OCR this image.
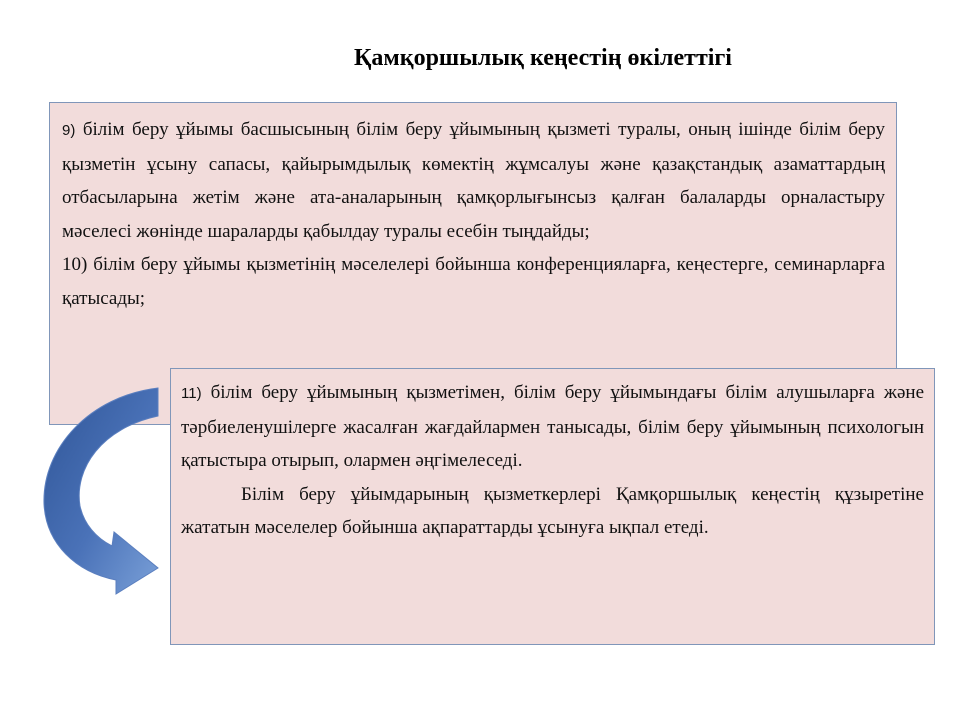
Қамқоршылық кеңестің өкілеттігі

9) білім беру ұйымы басшысының білім беру ұйымының қызметі туралы, оның ішінде білім беру қызметін ұсыну сапасы, қайырымдылық көмектің жұмсалуы және қазақстандық азаматтардың отбасыларына жетім және ата-аналарының қамқорлығынсыз қалған балаларды орналастыру мәселесі жөнінде шараларды қабылдау туралы есебін тыңдайды;

10) білім беру ұйымы қызметінің мәселелері бойынша конференцияларға, кеңестерге, семинарларға қатысады;

11) білім беру ұйымының қызметімен, білім беру ұйымындағы білім алушыларға және тәрбиеленушілерге жасалған жағдайлармен танысады, білім беру ұйымының психологын қатыстыра отырып, олармен әңгімелеседі.

Білім беру ұйымдарының қызметкерлері Қамқоршылық кеңестің құзыретіне жататын мәселелер бойынша ақпараттарды ұсынуға ықпал етеді.
